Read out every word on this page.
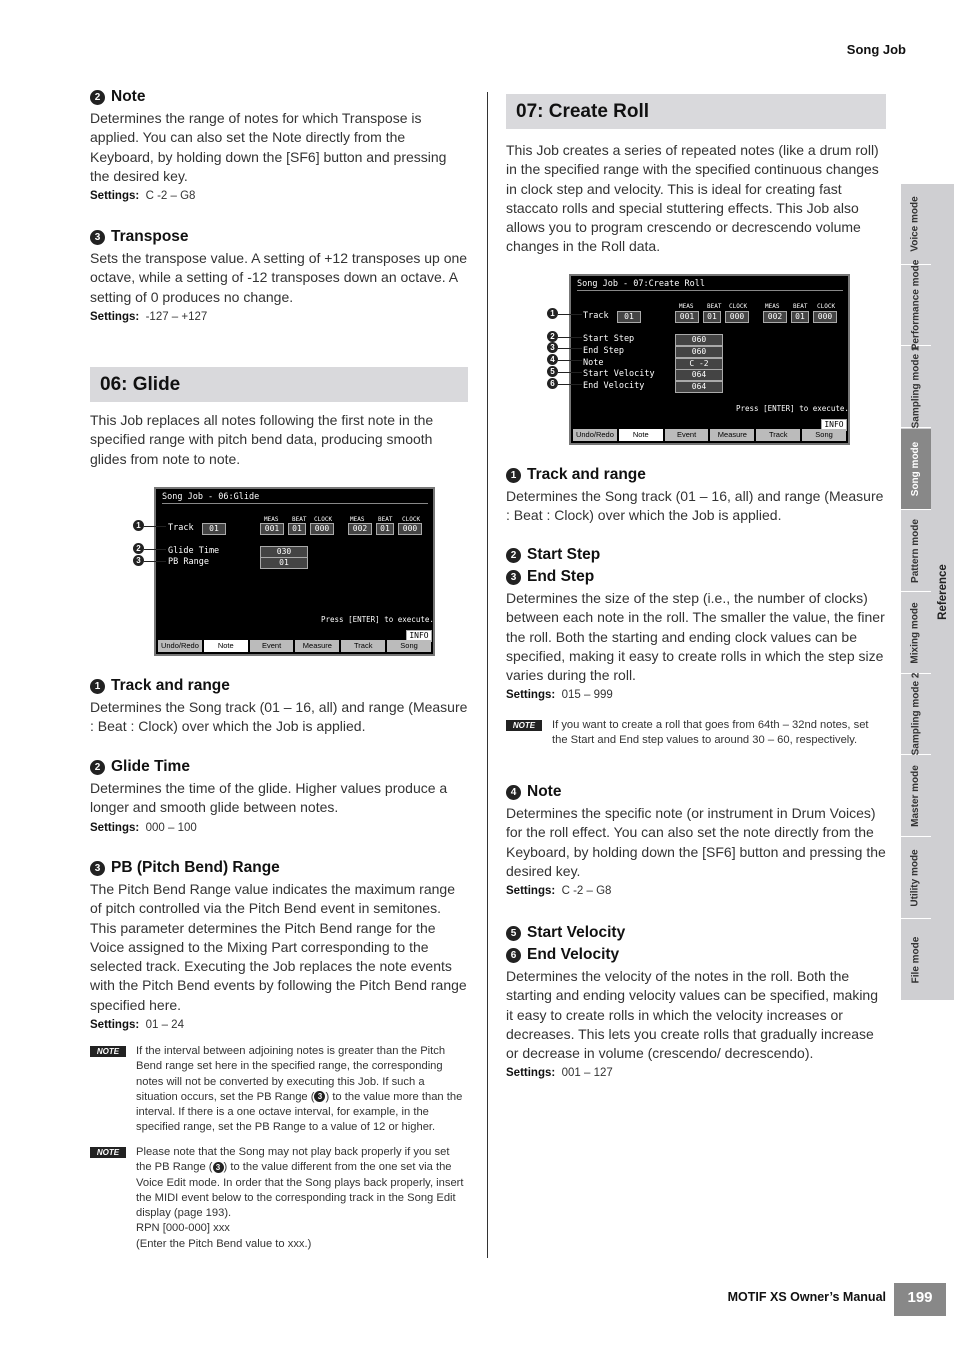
Song Job
2 Note

Determines the range of notes for which Transpose is applied. You can also set the Note directly from the Keyboard, by holding down the [SF6] button and pressing the desired key.

Settings: C -2 – G8
3 Transpose

Sets the transpose value. A setting of +12 transposes up one octave, while a setting of -12 transposes down an octave. A setting of 0 produces no change.

Settings: -127 – +127
06: Glide

This Job replaces all notes following the first note in the specified range with pitch bend data, producing smooth glides from note to note.

Song Job - 06:Glide
MEAS BEAT CLOCK	MEAS BEAT CLOCK
Track	01	001	01	000	002	01	000
Glide Time	030
PB Range	01
Press [ENTER] to execute.
INFO
Undo/Redo	Note	Event	Measure	Track	Song
1
2
3
1 Track and range

Determines the Song track (01 – 16, all) and range (Measure : Beat : Clock) over which the Job is applied.

2 Glide Time

Determines the time of the glide. Higher values produce a longer and smooth glide between notes.

Settings: 000 – 100
3 PB (Pitch Bend) Range

The Pitch Bend Range value indicates the maximum range of pitch controlled via the Pitch Bend event in semitones. This parameter determines the Pitch Bend range for the Voice assigned to the Mixing Part corresponding to the selected track. Executing the Job replaces the note events with the Pitch Bend events by following the Pitch Bend range specified here.

Settings: 01 – 24
NOTE	If the interval between adjoining notes is greater than the Pitch Bend range set here in the specified range, the corresponding notes will not be converted by executing this Job. If such a situation occurs, set the PB Range ( 3 ) to the value more than the interval. If there is a one octave interval, for example, in the specified range, set the PB Range to a value of 12 or higher.
NOTE	Please note that the Song may not play back properly if you set the PB Range ( 3 ) to the value different from the one set via the Voice Edit mode. In order that the Song plays back properly, insert the MIDI event below to the corresponding track in the Song Edit display (page 193).
RPN [000-000] xxx
(Enter the Pitch Bend value to xxx.)
07: Create Roll

This Job creates a series of repeated notes (like a drum roll) in the specified range with the specified continuous changes in clock step and velocity. This is ideal for creating fast staccato rolls and special stuttering effects. This Job also allows you to program crescendo or decrescendo volume changes in the Roll data.

Song Job - 07:Create Roll
MEAS BEAT CLOCK	MEAS BEAT CLOCK
Track	01	001	01	000	002	01	000
Start Step	060
End Step	060
Note	C -2
Start Velocity	064
End Velocity	064
Press [ENTER] to execute.
INFO
Undo/Redo	Note	Event	Measure	Track	Song
1
2
3
4
5
6
1 Track and range

Determines the Song track (01 – 16, all) and range (Measure : Beat : Clock) over which the Job is applied.

2 Start Step
3 End Step

Determines the size of the step (i.e., the number of clocks) between each note in the roll. The smaller the value, the finer the roll. Both the starting and ending clock values can be specified, making it easy to create rolls in which the step size varies during the roll.

Settings: 015 – 999
NOTE	If you want to create a roll that goes from 64th – 32nd notes, set the Start and End step values to around 30 – 60, respectively.
4 Note

Determines the specific note (or instrument in Drum Voices) for the roll effect. You can also set the note directly from the Keyboard, by holding down the [SF6] button and pressing the desired key.

Settings: C -2 – G8
5 Start Velocity
6 End Velocity

Determines the velocity of the notes in the roll. Both the starting and ending velocity values can be specified, making it easy to create rolls in which the velocity increases or decreases. This lets you create rolls that gradually increase or decrease in volume (crescendo/ decrescendo).

Settings: 001 – 127
Voice mode
Performance mode
Sampling mode 1
Song mode
Pattern mode
Mixing mode
Sampling mode 2
Master mode
Utility mode
File mode
Reference
MOTIF XS Owner’s Manual	199
